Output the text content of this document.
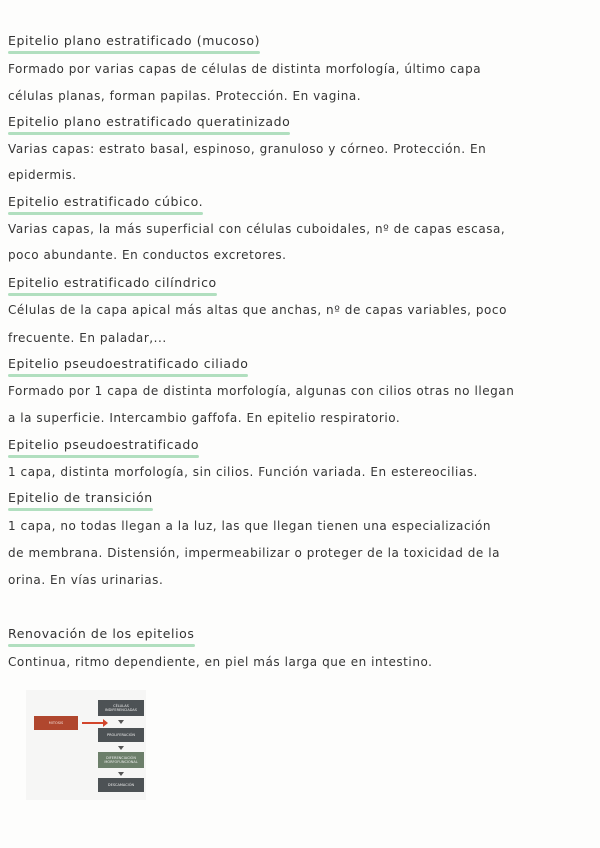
Epitelio plano estratificado (mucoso)
Formado por varias capas de células de distinta morfología, último capa
células planas, forman papilas. Protección. En vagina.
Epitelio plano estratificado queratinizado
Varias capas: estrato basal, espinoso, granuloso y córneo. Protección. En
epidermis.
Epitelio estratificado cúbico.
Varias capas, la más superficial con células cuboidales, nº de capas escasa,
poco abundante. En conductos excretores.
Epitelio estratificado cilíndrico
Células de la capa apical más altas que anchas, nº de capas variables, poco
frecuente. En paladar,...
Epitelio pseudoestratificado ciliado
Formado por 1 capa de distinta morfología, algunas con cilios otras no llegan
a la superficie. Intercambio gaffofa. En epitelio respiratorio.
Epitelio pseudoestratificado
1 capa, distinta morfología, sin cilios. Función variada. En estereocilias.
Epitelio de transición
1 capa, no todas llegan a la luz, las que llegan tienen una especialización
de membrana. Distensión, impermeabilizar o proteger de la toxicidad de la
orina. En vías urinarias.
Renovación de los epitelios
Continua, ritmo dependiente, en piel más larga que en intestino.
MITOSIS
CÉLULAS INDIFERENCIADAS
PROLIFERACIÓN
DIFERENCIACIÓN MORFOFUNCIONAL
DESCAMACIÓN
